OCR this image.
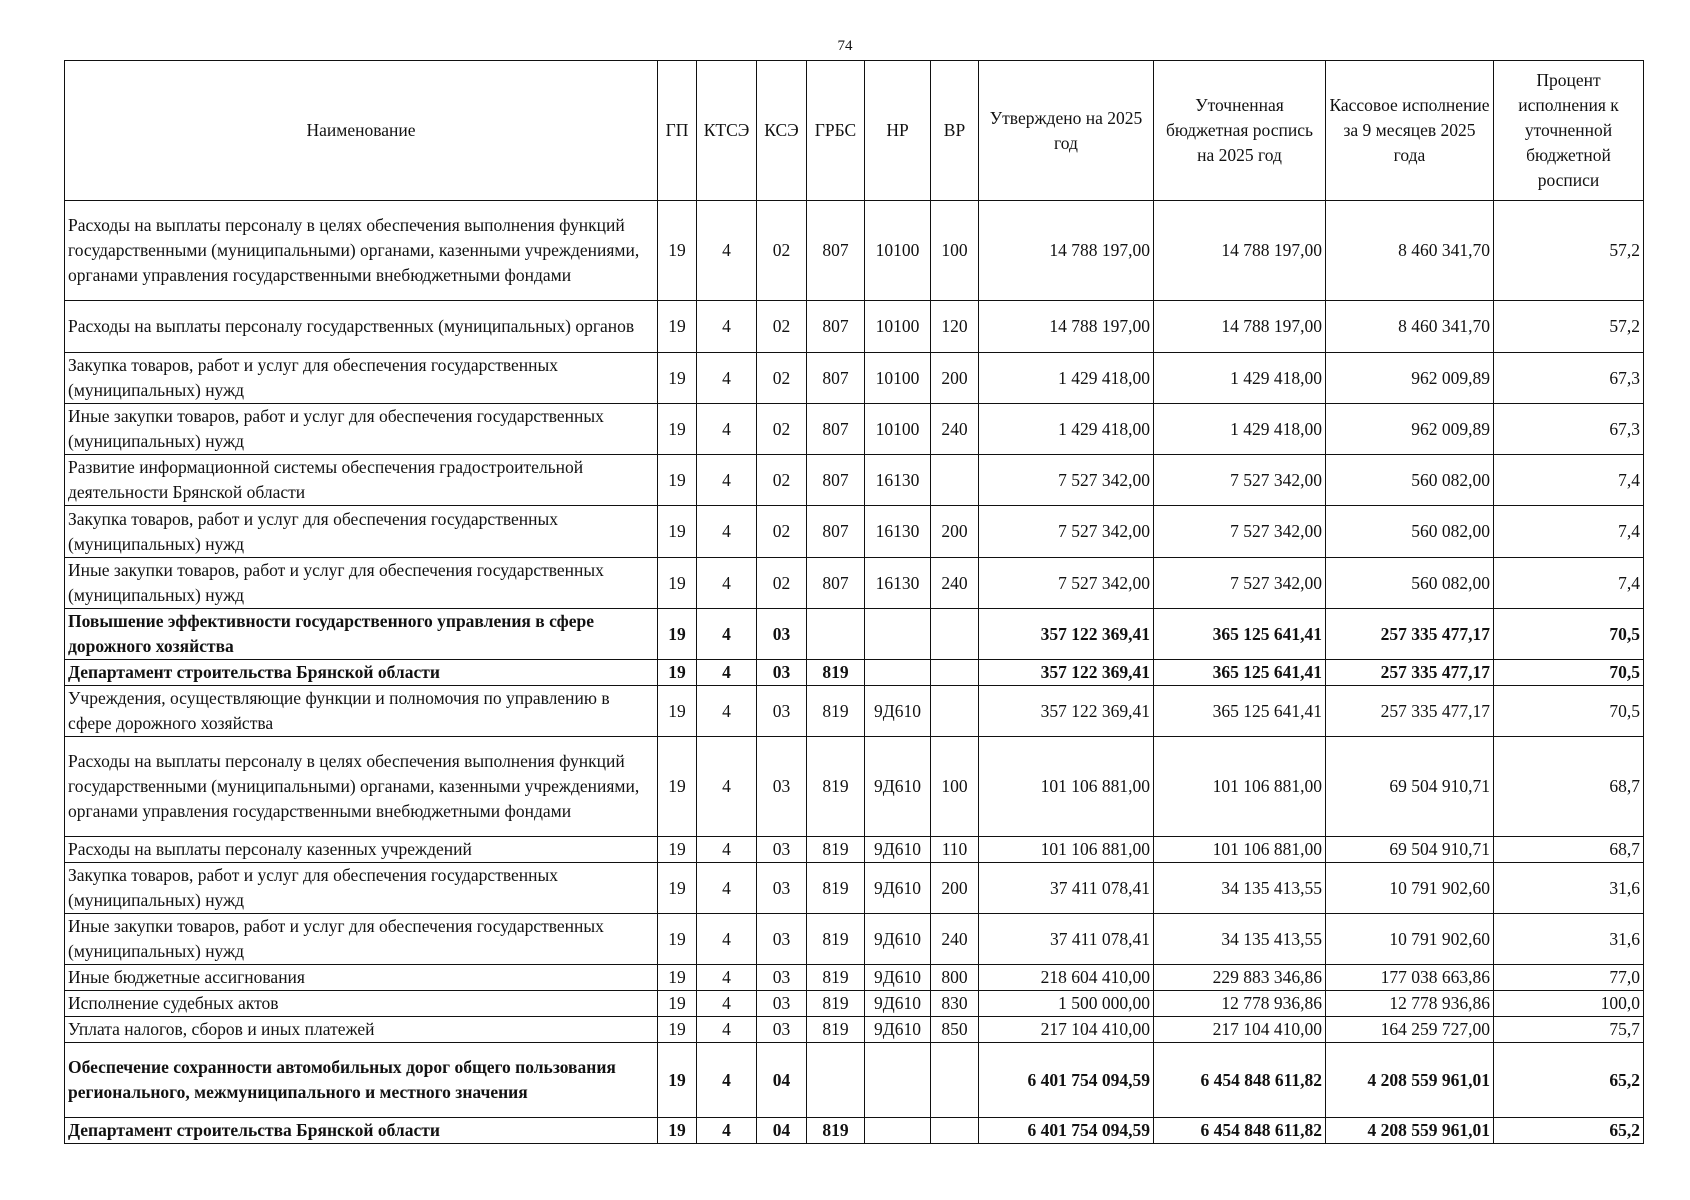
74
Наименование	ГП	КТСЭ	КСЭ	ГРБС	НР	ВР	Утверждено на 2025 год	Уточненная бюджетная роспись на 2025 год	Кассовое исполнение за 9 месяцев 2025 года	Процент исполнения к уточненной бюджетной росписи
Расходы на выплаты персоналу в целях обеспечения выполнения функций государственными (муниципальными) органами, казенными учреждениями, органами управления государственными внебюджетными фондами	19	4	02	807	10100	100	14 788 197,00	14 788 197,00	8 460 341,70	57,2
Расходы на выплаты персоналу государственных (муниципальных) органов	19	4	02	807	10100	120	14 788 197,00	14 788 197,00	8 460 341,70	57,2
Закупка товаров, работ и услуг для обеспечения государственных (муниципальных) нужд	19	4	02	807	10100	200	1 429 418,00	1 429 418,00	962 009,89	67,3
Иные закупки товаров, работ и услуг для обеспечения государственных (муниципальных) нужд	19	4	02	807	10100	240	1 429 418,00	1 429 418,00	962 009,89	67,3
Развитие информационной системы обеспечения градостроительной деятельности Брянской области	19	4	02	807	16130		7 527 342,00	7 527 342,00	560 082,00	7,4
Закупка товаров, работ и услуг для обеспечения государственных (муниципальных) нужд	19	4	02	807	16130	200	7 527 342,00	7 527 342,00	560 082,00	7,4
Иные закупки товаров, работ и услуг для обеспечения государственных (муниципальных) нужд	19	4	02	807	16130	240	7 527 342,00	7 527 342,00	560 082,00	7,4
Повышение эффективности государственного управления в сфере дорожного хозяйства	19	4	03				357 122 369,41	365 125 641,41	257 335 477,17	70,5
Департамент строительства Брянской области	19	4	03	819			357 122 369,41	365 125 641,41	257 335 477,17	70,5
Учреждения, осуществляющие функции и полномочия по управлению в сфере дорожного хозяйства	19	4	03	819	9Д610		357 122 369,41	365 125 641,41	257 335 477,17	70,5
Расходы на выплаты персоналу в целях обеспечения выполнения функций государственными (муниципальными) органами, казенными учреждениями, органами управления государственными внебюджетными фондами	19	4	03	819	9Д610	100	101 106 881,00	101 106 881,00	69 504 910,71	68,7
Расходы на выплаты персоналу казенных учреждений	19	4	03	819	9Д610	110	101 106 881,00	101 106 881,00	69 504 910,71	68,7
Закупка товаров, работ и услуг для обеспечения государственных (муниципальных) нужд	19	4	03	819	9Д610	200	37 411 078,41	34 135 413,55	10 791 902,60	31,6
Иные закупки товаров, работ и услуг для обеспечения государственных (муниципальных) нужд	19	4	03	819	9Д610	240	37 411 078,41	34 135 413,55	10 791 902,60	31,6
Иные бюджетные ассигнования	19	4	03	819	9Д610	800	218 604 410,00	229 883 346,86	177 038 663,86	77,0
Исполнение судебных актов	19	4	03	819	9Д610	830	1 500 000,00	12 778 936,86	12 778 936,86	100,0
Уплата налогов, сборов и иных платежей	19	4	03	819	9Д610	850	217 104 410,00	217 104 410,00	164 259 727,00	75,7
Обеспечение сохранности автомобильных дорог общего пользования регионального, межмуниципального и местного значения	19	4	04				6 401 754 094,59	6 454 848 611,82	4 208 559 961,01	65,2
Департамент строительства Брянской области	19	4	04	819			6 401 754 094,59	6 454 848 611,82	4 208 559 961,01	65,2
